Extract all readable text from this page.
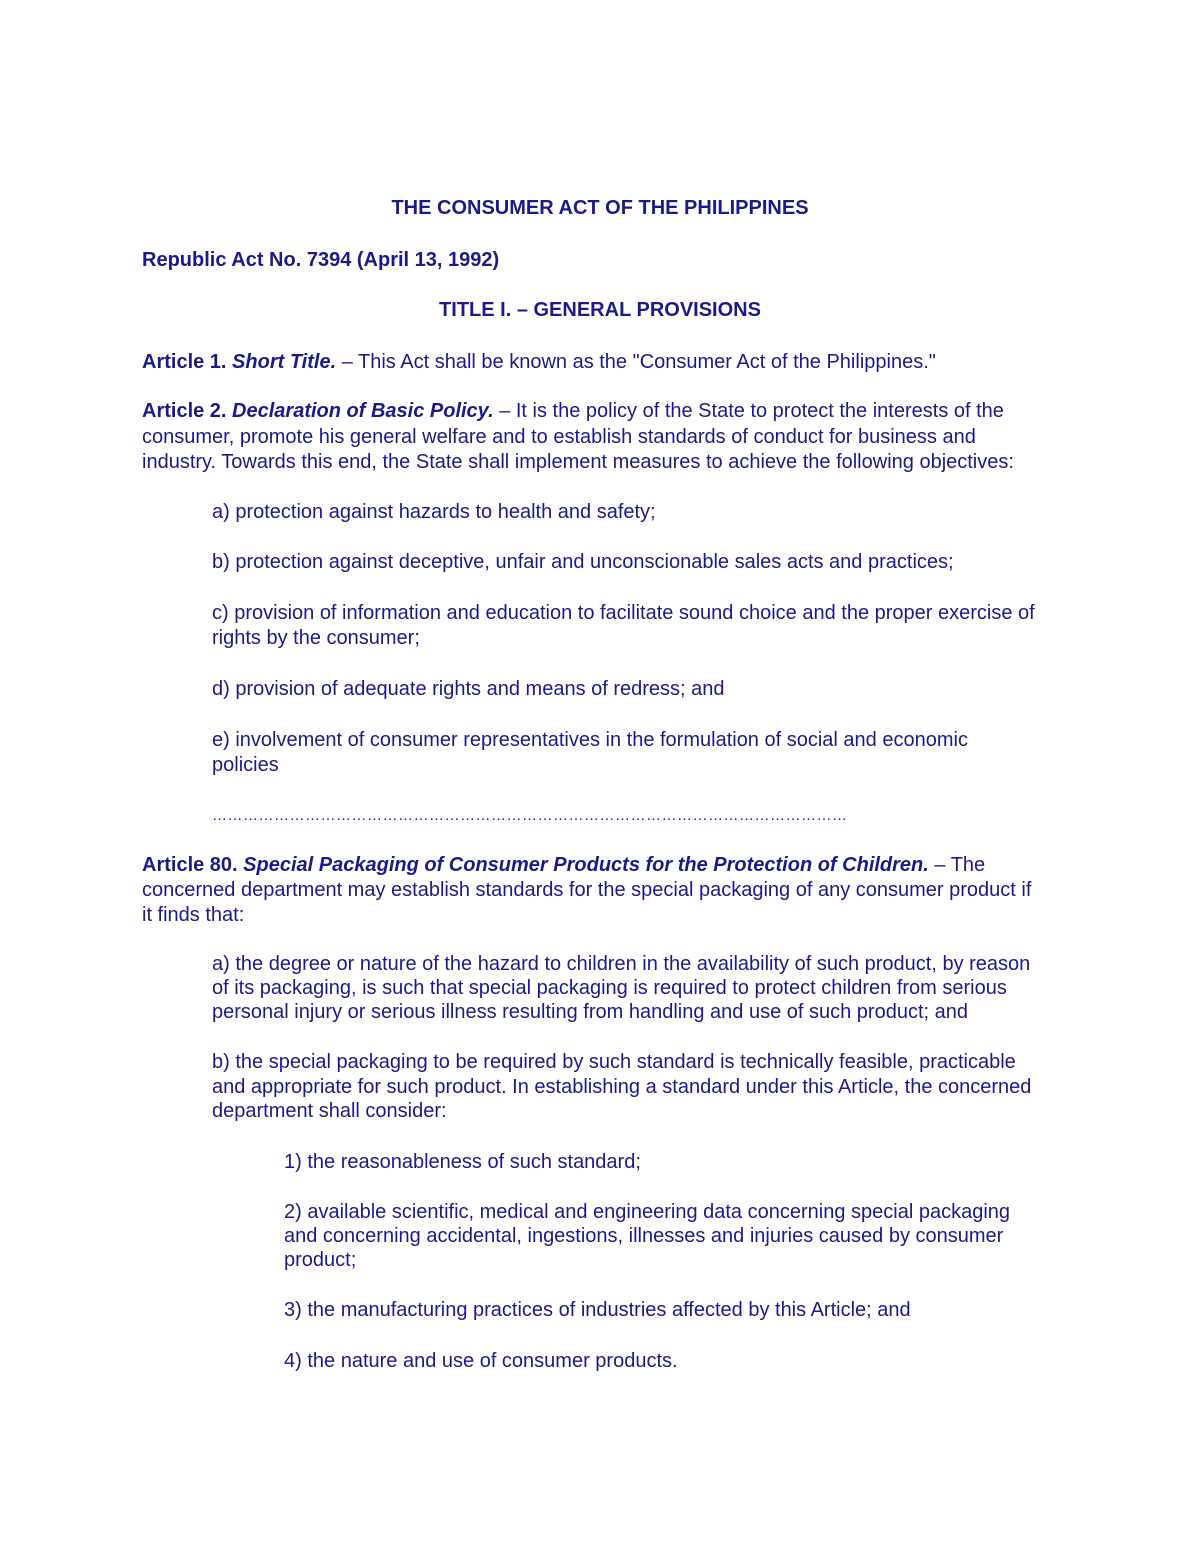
THE CONSUMER ACT OF THE PHILIPPINES
Republic Act No. 7394 (April 13, 1992)
TITLE I. – GENERAL PROVISIONS
Article 1. Short Title. – This Act shall be known as the "Consumer Act of the Philippines."
Article 2. Declaration of Basic Policy. – It is the policy of the State to protect the interests of the
consumer, promote his general welfare and to establish standards of conduct for business and
industry. Towards this end, the State shall implement measures to achieve the following objectives:
a) protection against hazards to health and safety;
b) protection against deceptive, unfair and unconscionable sales acts and practices;
c) provision of information and education to facilitate sound choice and the proper exercise of
rights by the consumer;
d) provision of adequate rights and means of redress; and
e) involvement of consumer representatives in the formulation of social and economic
policies
……………………………………………………………………………………………………………
Article 80. Special Packaging of Consumer Products for the Protection of Children. – The
concerned department may establish standards for the special packaging of any consumer product if
it finds that:
a) the degree or nature of the hazard to children in the availability of such product, by reason
of its packaging, is such that special packaging is required to protect children from serious
personal injury or serious illness resulting from handling and use of such product; and
b) the special packaging to be required by such standard is technically feasible, practicable
and appropriate for such product. In establishing a standard under this Article, the concerned
department shall consider:
1) the reasonableness of such standard;
2) available scientific, medical and engineering data concerning special packaging
and concerning accidental, ingestions, illnesses and injuries caused by consumer
product;
3) the manufacturing practices of industries affected by this Article; and
4) the nature and use of consumer products.
